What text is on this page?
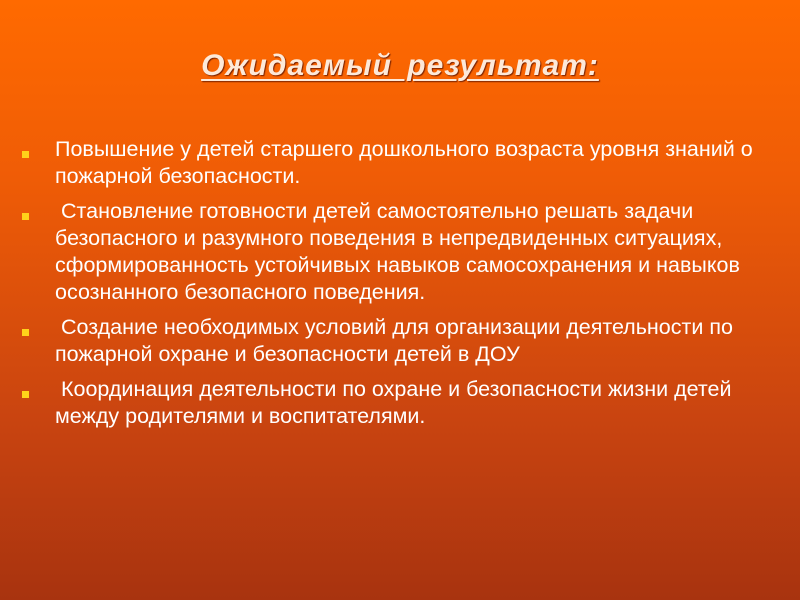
Ожидаемый результат:
Повышение у детей старшего дошкольного возраста уровня знаний о пожарной безопасности.
Становление готовности детей самостоятельно решать задачи безопасного и разумного поведения в непредвиденных ситуациях, сформированность устойчивых навыков самосохранения и навыков осознанного безопасного поведения.
Создание необходимых условий для организации деятельности по пожарной охране и безопасности детей в ДОУ
Координация деятельности по охране и безопасности жизни детей между родителями и воспитателями.
